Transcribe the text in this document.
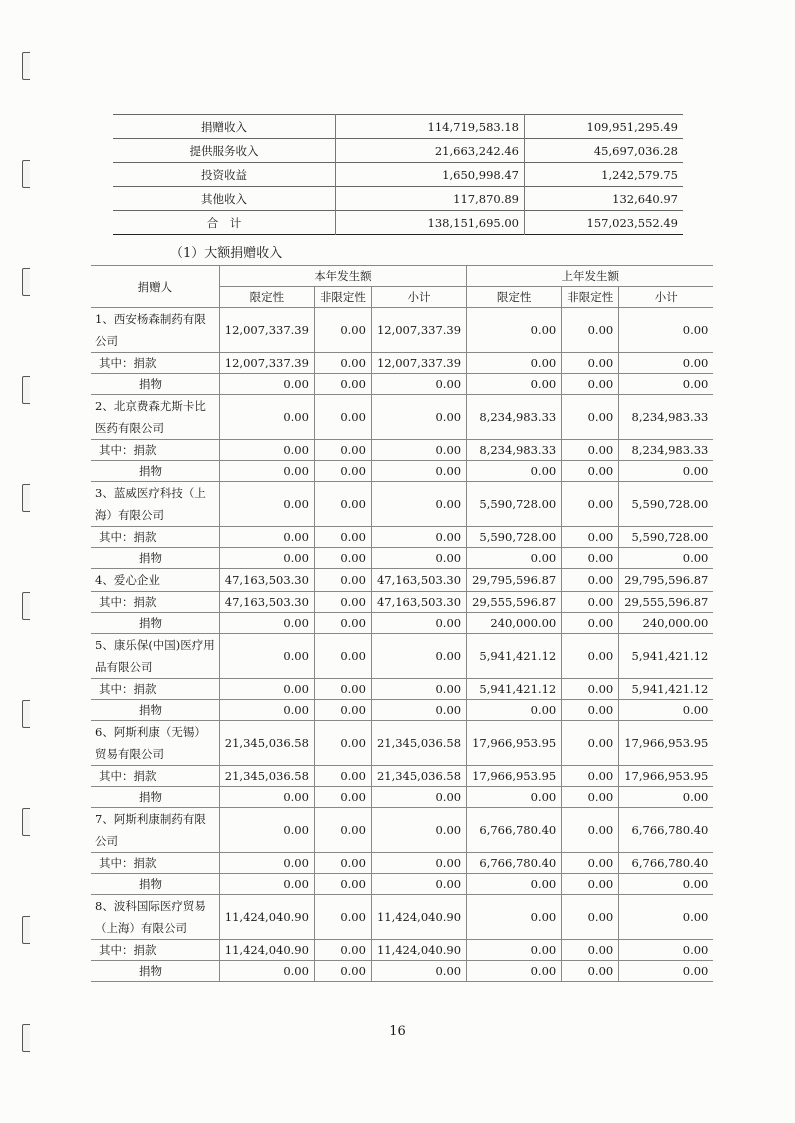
捐赠收入	114,719,583.18	109,951,295.49
提供服务收入	21,663,242.46	45,697,036.28
投资收益	1,650,998.47	1,242,579.75
其他收入	117,870.89	132,640.97
合　计	138,151,695.00	157,023,552.49
（1）大额捐赠收入
捐赠人	本年发生额			上年发生额		
	限定性	非限定性	小计	限定性	非限定性	小计

1、西安杨森制药有限
公司	12,007,337.39	0.00	12,007,337.39	0.00	0.00	0.00
其中：捐款	12,007,337.39	0.00	12,007,337.39	0.00	0.00	0.00
捐物	0.00	0.00	0.00	0.00	0.00	0.00

2、北京费森尤斯卡比
医药有限公司	0.00	0.00	0.00	8,234,983.33	0.00	8,234,983.33
其中：捐款	0.00	0.00	0.00	8,234,983.33	0.00	8,234,983.33
捐物	0.00	0.00	0.00	0.00	0.00	0.00

3、蓝威医疗科技（上
海）有限公司	0.00	0.00	0.00	5,590,728.00	0.00	5,590,728.00
其中：捐款	0.00	0.00	0.00	5,590,728.00	0.00	5,590,728.00
捐物	0.00	0.00	0.00	0.00	0.00	0.00

4、爱心企业	47,163,503.30	0.00	47,163,503.30	29,795,596.87	0.00	29,795,596.87
其中：捐款	47,163,503.30	0.00	47,163,503.30	29,555,596.87	0.00	29,555,596.87
捐物	0.00	0.00	0.00	240,000.00	0.00	240,000.00

5、康乐保(中国)医疗用
品有限公司	0.00	0.00	0.00	5,941,421.12	0.00	5,941,421.12
其中：捐款	0.00	0.00	0.00	5,941,421.12	0.00	5,941,421.12
捐物	0.00	0.00	0.00	0.00	0.00	0.00

6、阿斯利康（无锡）
贸易有限公司	21,345,036.58	0.00	21,345,036.58	17,966,953.95	0.00	17,966,953.95
其中：捐款	21,345,036.58	0.00	21,345,036.58	17,966,953.95	0.00	17,966,953.95
捐物	0.00	0.00	0.00	0.00	0.00	0.00

7、阿斯利康制药有限
公司	0.00	0.00	0.00	6,766,780.40	0.00	6,766,780.40
其中：捐款	0.00	0.00	0.00	6,766,780.40	0.00	6,766,780.40
捐物	0.00	0.00	0.00	0.00	0.00	0.00

8、波科国际医疗贸易
（上海）有限公司	11,424,040.90	0.00	11,424,040.90	0.00	0.00	0.00
其中：捐款	11,424,040.90	0.00	11,424,040.90	0.00	0.00	0.00
捐物	0.00	0.00	0.00	0.00	0.00	0.00
16
